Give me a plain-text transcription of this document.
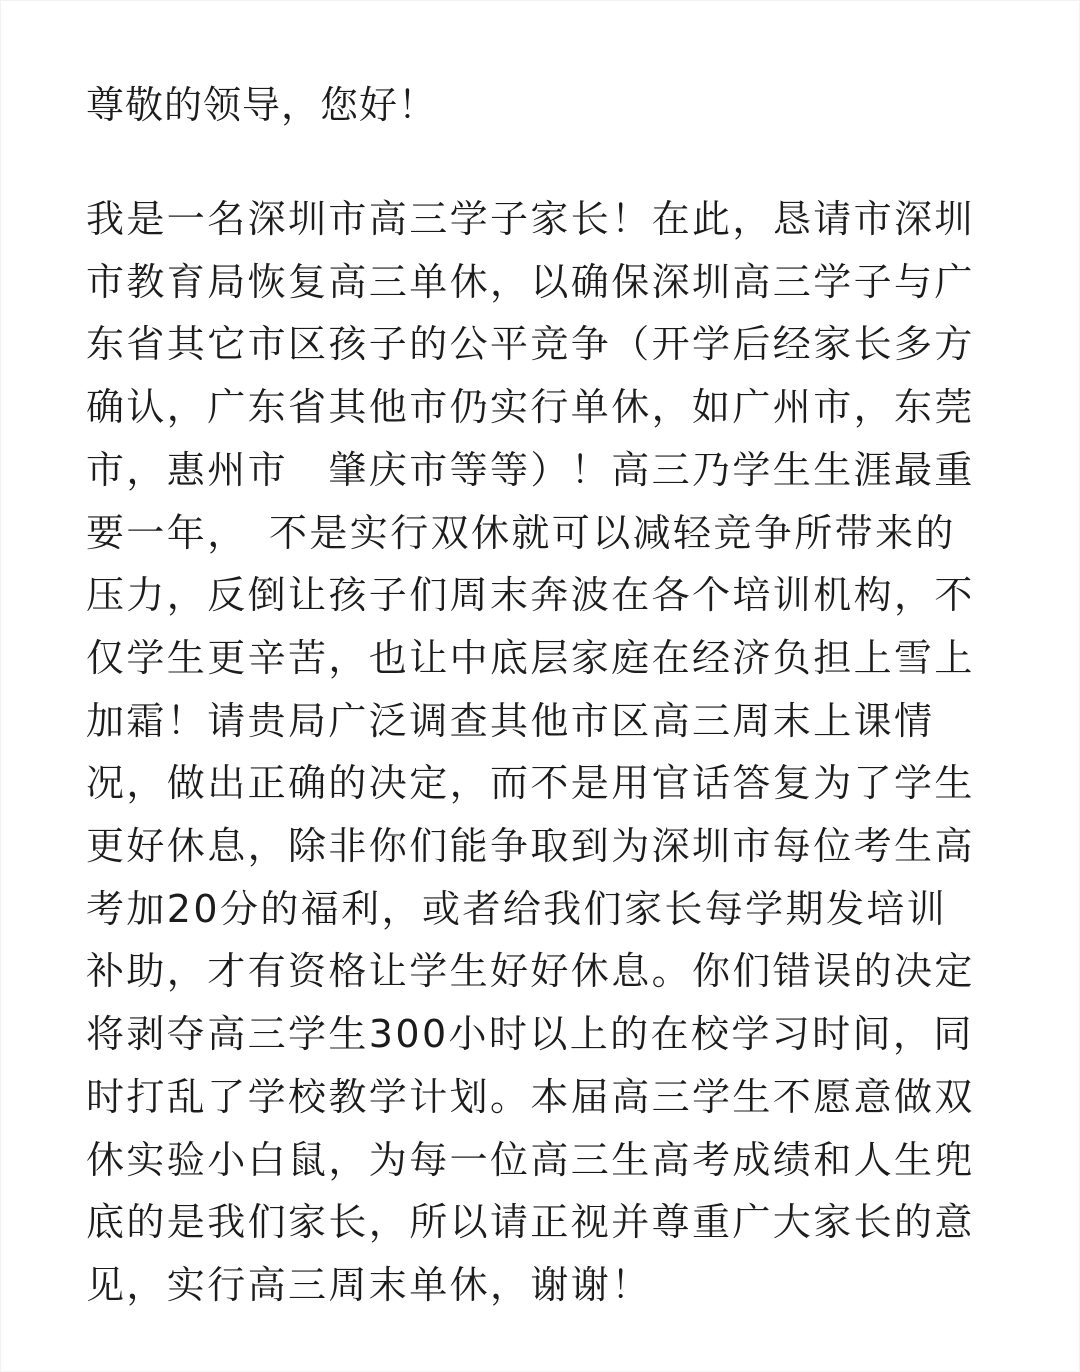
尊敬的领导，您好！

我是一名深圳市高三学子家长！在此，恳请市深圳
市教育局恢复高三单休，以确保深圳高三学子与广
东省其它市区孩子的公平竞争（开学后经家长多方
确认，广东省其他市仍实行单休，如广州市，东莞
市，惠州市　肇庆市等等）！高三乃学生生涯最重
要一年，　不是实行双休就可以减轻竞争所带来的
压力，反倒让孩子们周末奔波在各个培训机构，不
仅学生更辛苦，也让中底层家庭在经济负担上雪上
加霜！请贵局广泛调查其他市区高三周末上课情
况，做出正确的决定，而不是用官话答复为了学生
更好休息，除非你们能争取到为深圳市每位考生高
考加20分的福利，或者给我们家长每学期发培训
补助，才有资格让学生好好休息。你们错误的决定
将剥夺高三学生300小时以上的在校学习时间，同
时打乱了学校教学计划。本届高三学生不愿意做双
休实验小白鼠，为每一位高三生高考成绩和人生兜
底的是我们家长，所以请正视并尊重广大家长的意
见，实行高三周末单休，谢谢！
